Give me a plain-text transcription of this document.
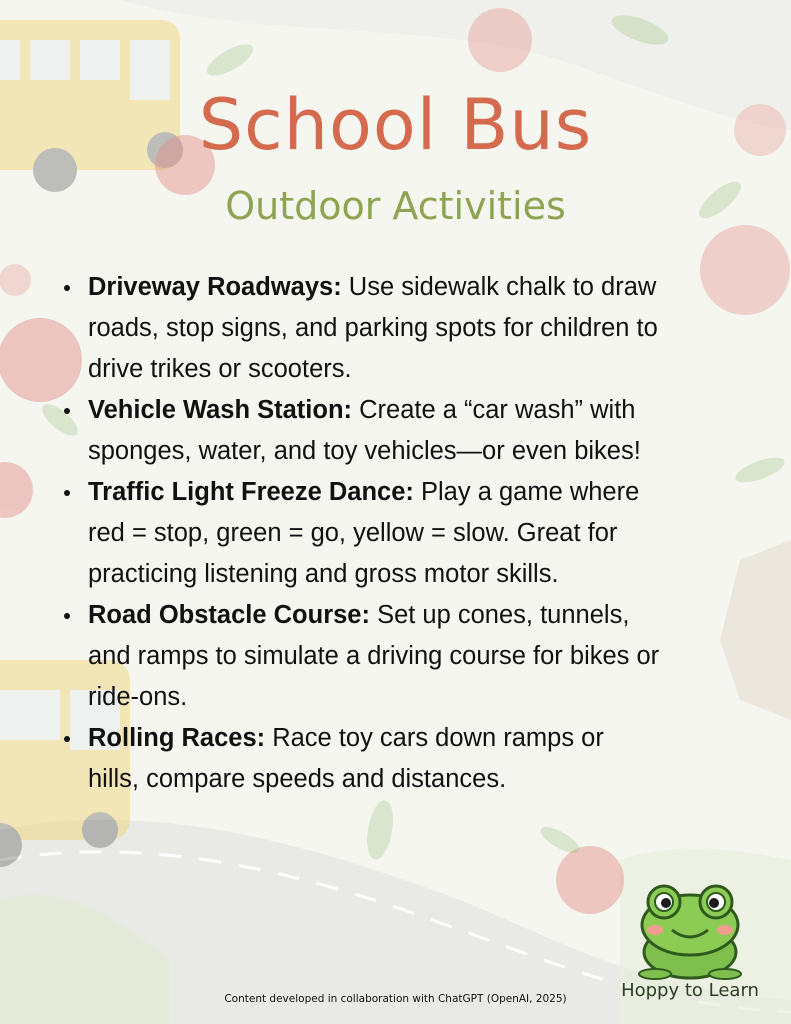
School Bus
Outdoor Activities
Driveway Roadways: Use sidewalk chalk to draw
roads, stop signs, and parking spots for children to
drive trikes or scooters.
Vehicle Wash Station: Create a “car wash” with
sponges, water, and toy vehicles—or even bikes!
Traffic Light Freeze Dance: Play a game where
red = stop, green = go, yellow = slow. Great for
practicing listening and gross motor skills.
Road Obstacle Course: Set up cones, tunnels,
and ramps to simulate a driving course for bikes or
ride-ons.
Rolling Races: Race toy cars down ramps or
hills, compare speeds and distances.
Content developed in collaboration with ChatGPT (OpenAI, 2025)	Hoppy to Learn
